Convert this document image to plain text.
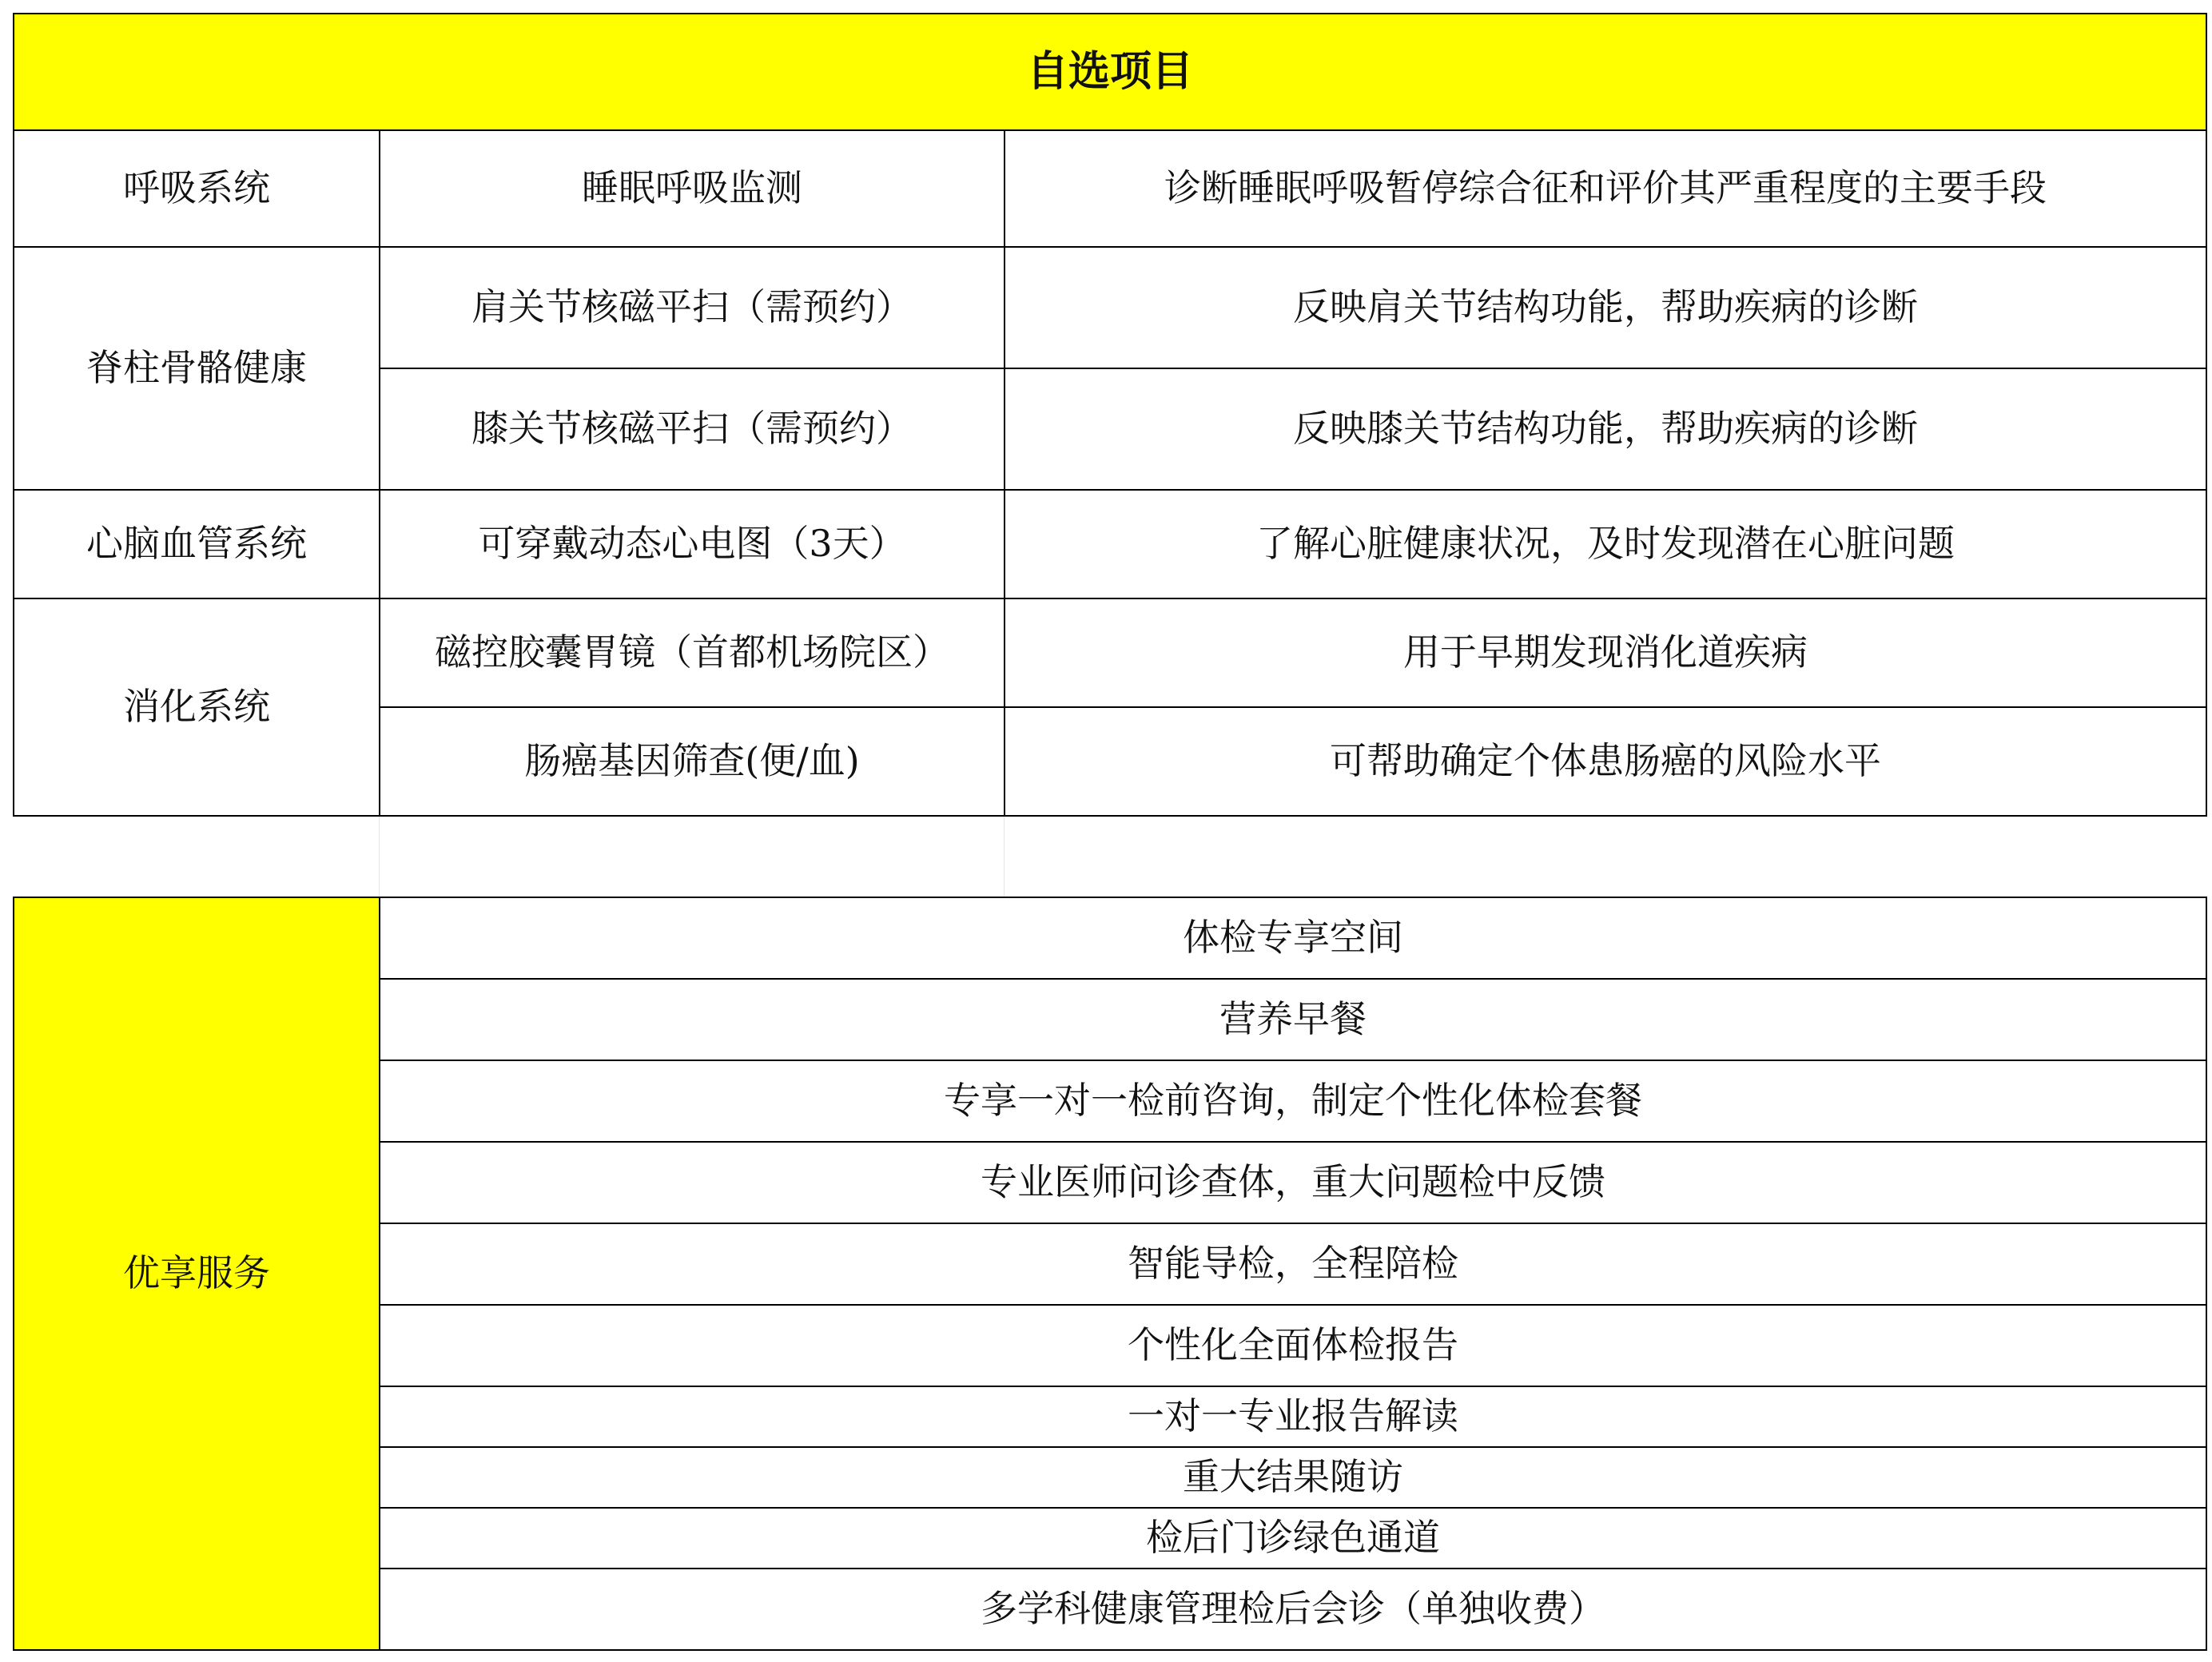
自选项目		
呼吸系统	睡眠呼吸监测	诊断睡眠呼吸暂停综合征和评价其严重程度的主要手段
脊柱骨骼健康	肩关节核磁平扫（需预约）	反映肩关节结构功能，帮助疾病的诊断
	膝关节核磁平扫（需预约）	反映膝关节结构功能，帮助疾病的诊断
心脑血管系统	可穿戴动态心电图（3天）	了解心脏健康状况，及时发现潜在心脏问题
消化系统	磁控胶囊胃镜（首都机场院区）	用于早期发现消化道疾病
	肠癌基因筛查(便/血)	可帮助确定个体患肠癌的风险水平
优享服务	体检专享空间
营养早餐
专享一对一检前咨询，制定个性化体检套餐
专业医师问诊查体，重大问题检中反馈
智能导检，全程陪检
个性化全面体检报告
一对一专业报告解读
重大结果随访
检后门诊绿色通道
多学科健康管理检后会诊（单独收费）
